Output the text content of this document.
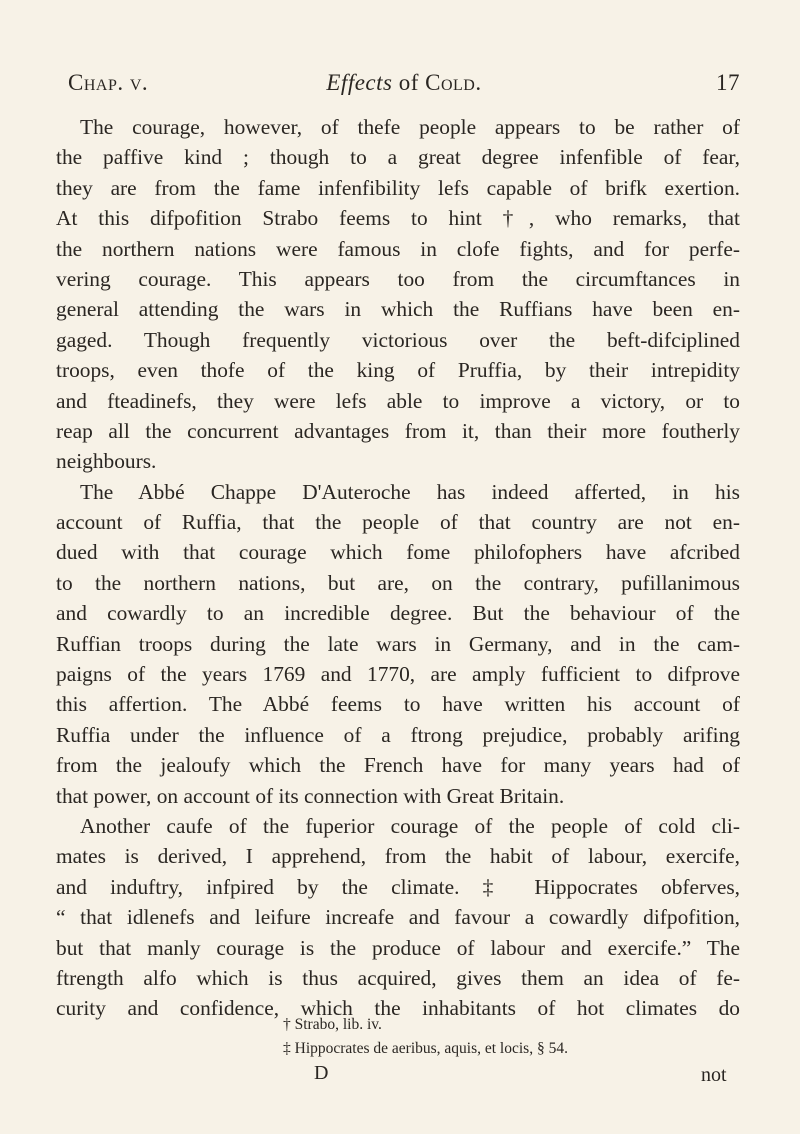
Chap. v.	Effects of Cold.	17
The courage, however, of thefe people appears to be rather of
the paffive kind ; though to a great degree infenfible of fear,
they are from the fame infenfibility lefs capable of brifk exertion.
At this difpofition Strabo feems to hint †, who remarks, that
the northern nations were famous in clofe fights, and for perfe-
vering courage. This appears too from the circumftances in
general attending the wars in which the Ruffians have been en-
gaged. Though frequently victorious over the beft-difciplined
troops, even thofe of the king of Pruffia, by their intrepidity
and fteadinefs, they were lefs able to improve a victory, or to
reap all the concurrent advantages from it, than their more foutherly
neighbours.
The Abbé Chappe D'Auteroche has indeed afferted, in his
account of Ruffia, that the people of that country are not en-
dued with that courage which fome philofophers have afcribed
to the northern nations, but are, on the contrary, pufillanimous
and cowardly to an incredible degree. But the behaviour of the
Ruffian troops during the late wars in Germany, and in the cam-
paigns of the years 1769 and 1770, are amply fufficient to difprove
this affertion. The Abbé feems to have written his account of
Ruffia under the influence of a ftrong prejudice, probably arifing
from the jealoufy which the French have for many years had of
that power, on account of its connection with Great Britain.
Another caufe of the fuperior courage of the people of cold cli-
mates is derived, I apprehend, from the habit of labour, exercife,
and induftry, infpired by the climate. ‡ Hippocrates obferves,
“ that idlenefs and leifure increafe and favour a cowardly difpofition,
but that manly courage is the produce of labour and exercife.” The
ftrength alfo which is thus acquired, gives them an idea of fe-
curity and confidence, which the inhabitants of hot climates do
† Strabo, lib. iv.
‡ Hippocrates de aeribus, aquis, et locis, § 54.
D	not
